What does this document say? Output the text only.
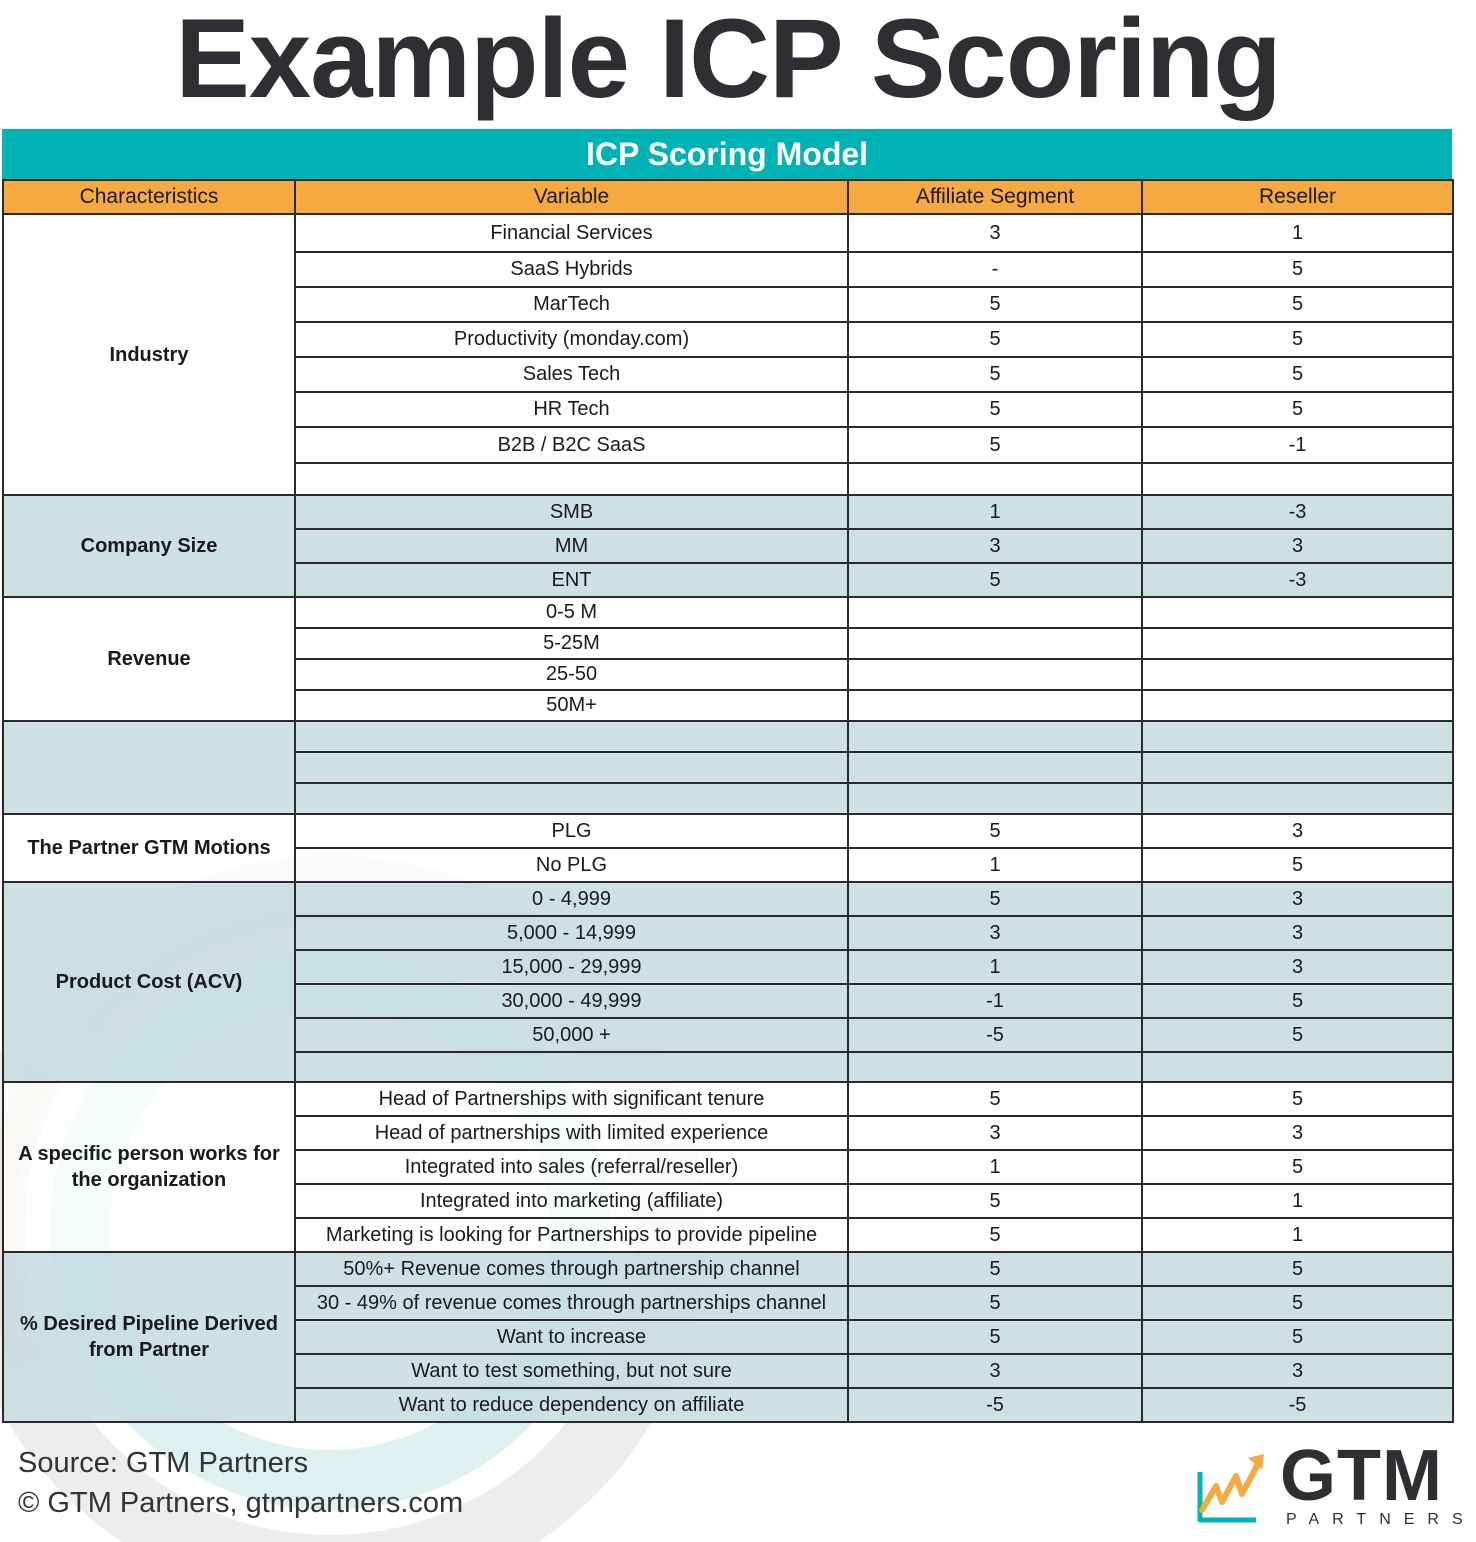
Example ICP Scoring
ICP Scoring Model
Characteristics	Variable	Affiliate Segment	Reseller
Industry	Financial Services	3	1
	SaaS Hybrids	-	5
	MarTech	5	5
	Productivity (monday.com)	5	5
	Sales Tech	5	5
	HR Tech	5	5
	B2B / B2C SaaS	5	-1

Company Size	SMB	1	-3
	MM	3	3
	ENT	5	-3
Revenue	0-5 M		
	5-25M		
	25-50		
	50M+		

The Partner GTM Motions	PLG	5	3
	No PLG	1	5
Product Cost (ACV)	0 - 4,999	5	3
	5,000 - 14,999	3	3
	15,000 - 29,999	1	3
	30,000 - 49,999	-1	5
	50,000 +	-5	5

A specific person works for the organization	Head of Partnerships with significant tenure	5	5
	Head of partnerships with limited experience	3	3
	Integrated into sales (referral/reseller)	1	5
	Integrated into marketing (affiliate)	5	1
	Marketing is looking for Partnerships to provide pipeline	5	1
% Desired Pipeline Derived from Partner	50%+ Revenue comes through partnership channel	5	5
	30 - 49% of revenue comes through partnerships channel	5	5
	Want to increase	5	5
	Want to test something, but not sure	3	3
	Want to reduce dependency on affiliate	-5	-5
Source: GTM Partners
© GTM Partners, gtmpartners.com	GTM
PARTNERS
